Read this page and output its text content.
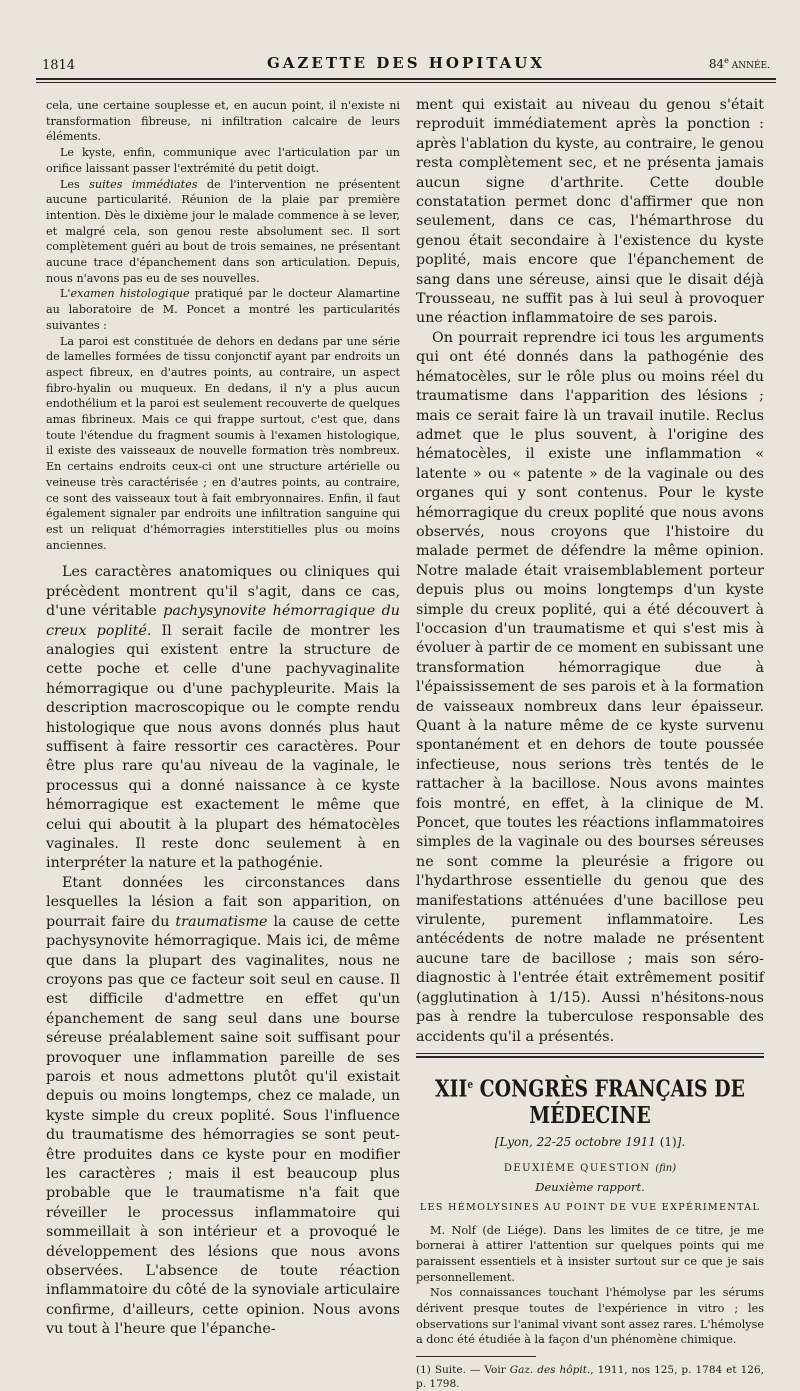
1814	GAZETTE DES HOPITAUX	84e ANNÉE.

cela, une certaine souplesse et, en aucun point, il n'existe ni transformation fibreuse, ni infiltration calcaire de leurs éléments.

Le kyste, enfin, communique avec l'articulation par un orifice laissant passer l'extrémité du petit doigt.

Les suites immédiates de l'intervention ne présentent aucune particularité. Réunion de la plaie par première intention. Dès le dixième jour le malade commence à se lever, et malgré cela, son genou reste absolument sec. Il sort complètement guéri au bout de trois semaines, ne présentant aucune trace d'épanchement dans son articulation. Depuis, nous n'avons pas eu de ses nouvelles.

L'examen histologique pratiqué par le docteur Alamartine au laboratoire de M. Poncet a montré les particularités suivantes :

La paroi est constituée de dehors en dedans par une série de lamelles formées de tissu conjonctif ayant par endroits un aspect fibreux, en d'autres points, au contraire, un aspect fibro-hyalin ou muqueux. En dedans, il n'y a plus aucun endothélium et la paroi est seulement recouverte de quelques amas fibrineux. Mais ce qui frappe surtout, c'est que, dans toute l'étendue du fragment soumis à l'examen histologique, il existe des vaisseaux de nouvelle formation très nombreux. En certains endroits ceux-ci ont une structure artérielle ou veineuse très caractérisée ; en d'autres points, au contraire, ce sont des vaisseaux tout à fait embryonnaires. Enfin, il faut également signaler par endroits une infiltration sanguine qui est un reliquat d'hémorragies interstitielles plus ou moins anciennes.

Les caractères anatomiques ou cliniques qui précèdent montrent qu'il s'agit, dans ce cas, d'une véritable pachysynovite hémorragique du creux poplité. Il serait facile de montrer les analogies qui existent entre la structure de cette poche et celle d'une pachyvaginalite hémorragique ou d'une pachypleurite. Mais la description macroscopique ou le compte rendu histologique que nous avons donnés plus haut suffisent à faire ressortir ces caractères. Pour être plus rare qu'au niveau de la vaginale, le processus qui a donné naissance à ce kyste hémorragique est exactement le même que celui qui aboutit à la plupart des hématocèles vaginales. Il reste donc seulement à en interpréter la nature et la pathogénie.

Etant données les circonstances dans lesquelles la lésion a fait son apparition, on pourrait faire du traumatisme la cause de cette pachysynovite hémorragique. Mais ici, de même que dans la plupart des vaginalites, nous ne croyons pas que ce facteur soit seul en cause. Il est difficile d'admettre en effet qu'un épanchement de sang seul dans une bourse séreuse préalablement saine soit suffisant pour provoquer une inflammation pareille de ses parois et nous admettons plutôt qu'il existait depuis ou moins longtemps, chez ce malade, un kyste simple du creux poplité. Sous l'influence du traumatisme des hémorragies se sont peut-être produites dans ce kyste pour en modifier les caractères ; mais il est beaucoup plus probable que le traumatisme n'a fait que réveiller le processus inflammatoire qui sommeillait à son intérieur et a provoqué le développement des lésions que nous avons observées. L'absence de toute réaction inflammatoire du côté de la synoviale articulaire confirme, d'ailleurs, cette opinion. Nous avons vu tout à l'heure que l'épanche-

ment qui existait au niveau du genou s'était reproduit immédiatement après la ponction : après l'ablation du kyste, au contraire, le genou resta complètement sec, et ne présenta jamais aucun signe d'arthrite. Cette double constatation permet donc d'affirmer que non seulement, dans ce cas, l'hémarthrose du genou était secondaire à l'existence du kyste poplité, mais encore que l'épanchement de sang dans une séreuse, ainsi que le disait déjà Trousseau, ne suffit pas à lui seul à provoquer une réaction inflammatoire de ses parois.

On pourrait reprendre ici tous les arguments qui ont été donnés dans la pathogénie des hématocèles, sur le rôle plus ou moins réel du traumatisme dans l'apparition des lésions ; mais ce serait faire là un travail inutile. Reclus admet que le plus souvent, à l'origine des hématocèles, il existe une inflammation « latente » ou « patente » de la vaginale ou des organes qui y sont contenus. Pour le kyste hémorragique du creux poplité que nous avons observés, nous croyons que l'histoire du malade permet de défendre la même opinion. Notre malade était vraisemblablement porteur depuis plus ou moins longtemps d'un kyste simple du creux poplité, qui a été découvert à l'occasion d'un traumatisme et qui s'est mis à évoluer à partir de ce moment en subissant une transformation hémorragique due à l'épaississement de ses parois et à la formation de vaisseaux nombreux dans leur épaisseur. Quant à la nature même de ce kyste survenu spontanément et en dehors de toute poussée infectieuse, nous serions très tentés de le rattacher à la bacillose. Nous avons maintes fois montré, en effet, à la clinique de M. Poncet, que toutes les réactions inflammatoires simples de la vaginale ou des bourses séreuses ne sont comme la pleurésie a frigore ou l'hydarthrose essentielle du genou que des manifestations atténuées d'une bacillose peu virulente, purement inflammatoire. Les antécédents de notre malade ne présentent aucune tare de bacillose ; mais son séro-diagnostic à l'entrée était extrêmement positif (agglutination à 1/15). Aussi n'hésitons-nous pas à rendre la tuberculose responsable des accidents qu'il a présentés.

XIIe CONGRÈS FRANÇAIS DE MÉDECINE
[Lyon, 22-25 octobre 1911 (1)].
DEUXIÈME QUESTION (fin)
Deuxième rapport.
LES HÉMOLYSINES AU POINT DE VUE EXPÉRIMENTAL

M. Nolf (de Liége). Dans les limites de ce titre, je me bornerai à attirer l'attention sur quelques points qui me paraissent essentiels et à insister surtout sur ce que je sais personnellement.

Nos connaissances touchant l'hémolyse par les sérums dérivent presque toutes de l'expérience in vitro ; les observations sur l'animal vivant sont assez rares. L'hémolyse a donc été étudiée à la façon d'un phénomène chimique.

(1) Suite. — Voir Gaz. des hôpit., 1911, nos 125, p. 1784 et 126, p. 1798.
